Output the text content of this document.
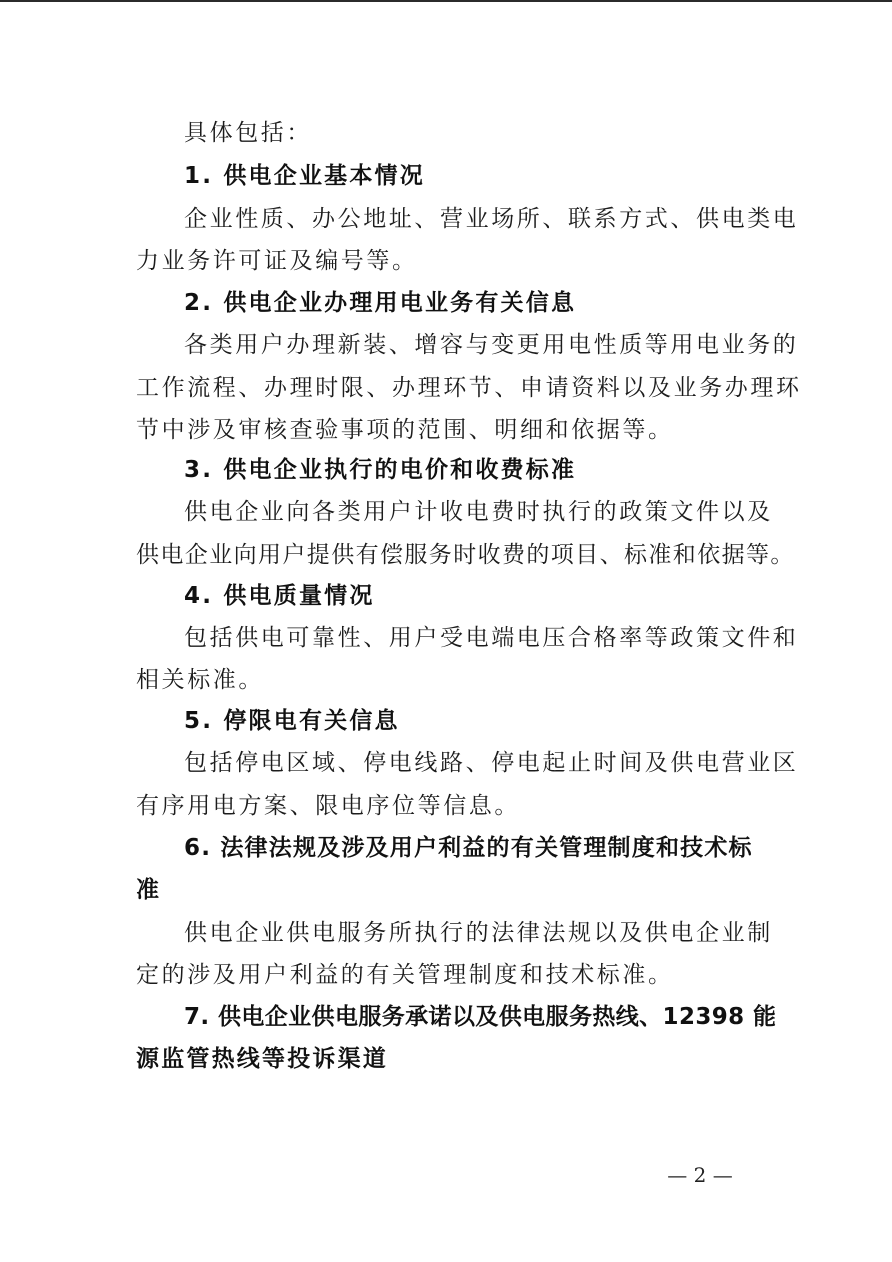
具体包括：
1. 供电企业基本情况
企业性质、办公地址、营业场所、联系方式、供电类电
力业务许可证及编号等。
2. 供电企业办理用电业务有关信息
各类用户办理新装、增容与变更用电性质等用电业务的
工作流程、办理时限、办理环节、申请资料以及业务办理环
节中涉及审核查验事项的范围、明细和依据等。
3. 供电企业执行的电价和收费标准
供电企业向各类用户计收电费时执行的政策文件以及
供电企业向用户提供有偿服务时收费的项目、标准和依据等。
4. 供电质量情况
包括供电可靠性、用户受电端电压合格率等政策文件和
相关标准。
5. 停限电有关信息
包括停电区域、停电线路、停电起止时间及供电营业区
有序用电方案、限电序位等信息。
6. 法律法规及涉及用户利益的有关管理制度和技术标
准
供电企业供电服务所执行的法律法规以及供电企业制
定的涉及用户利益的有关管理制度和技术标准。
7. 供电企业供电服务承诺以及供电服务热线、12398 能
源监管热线等投诉渠道
— 2 —
